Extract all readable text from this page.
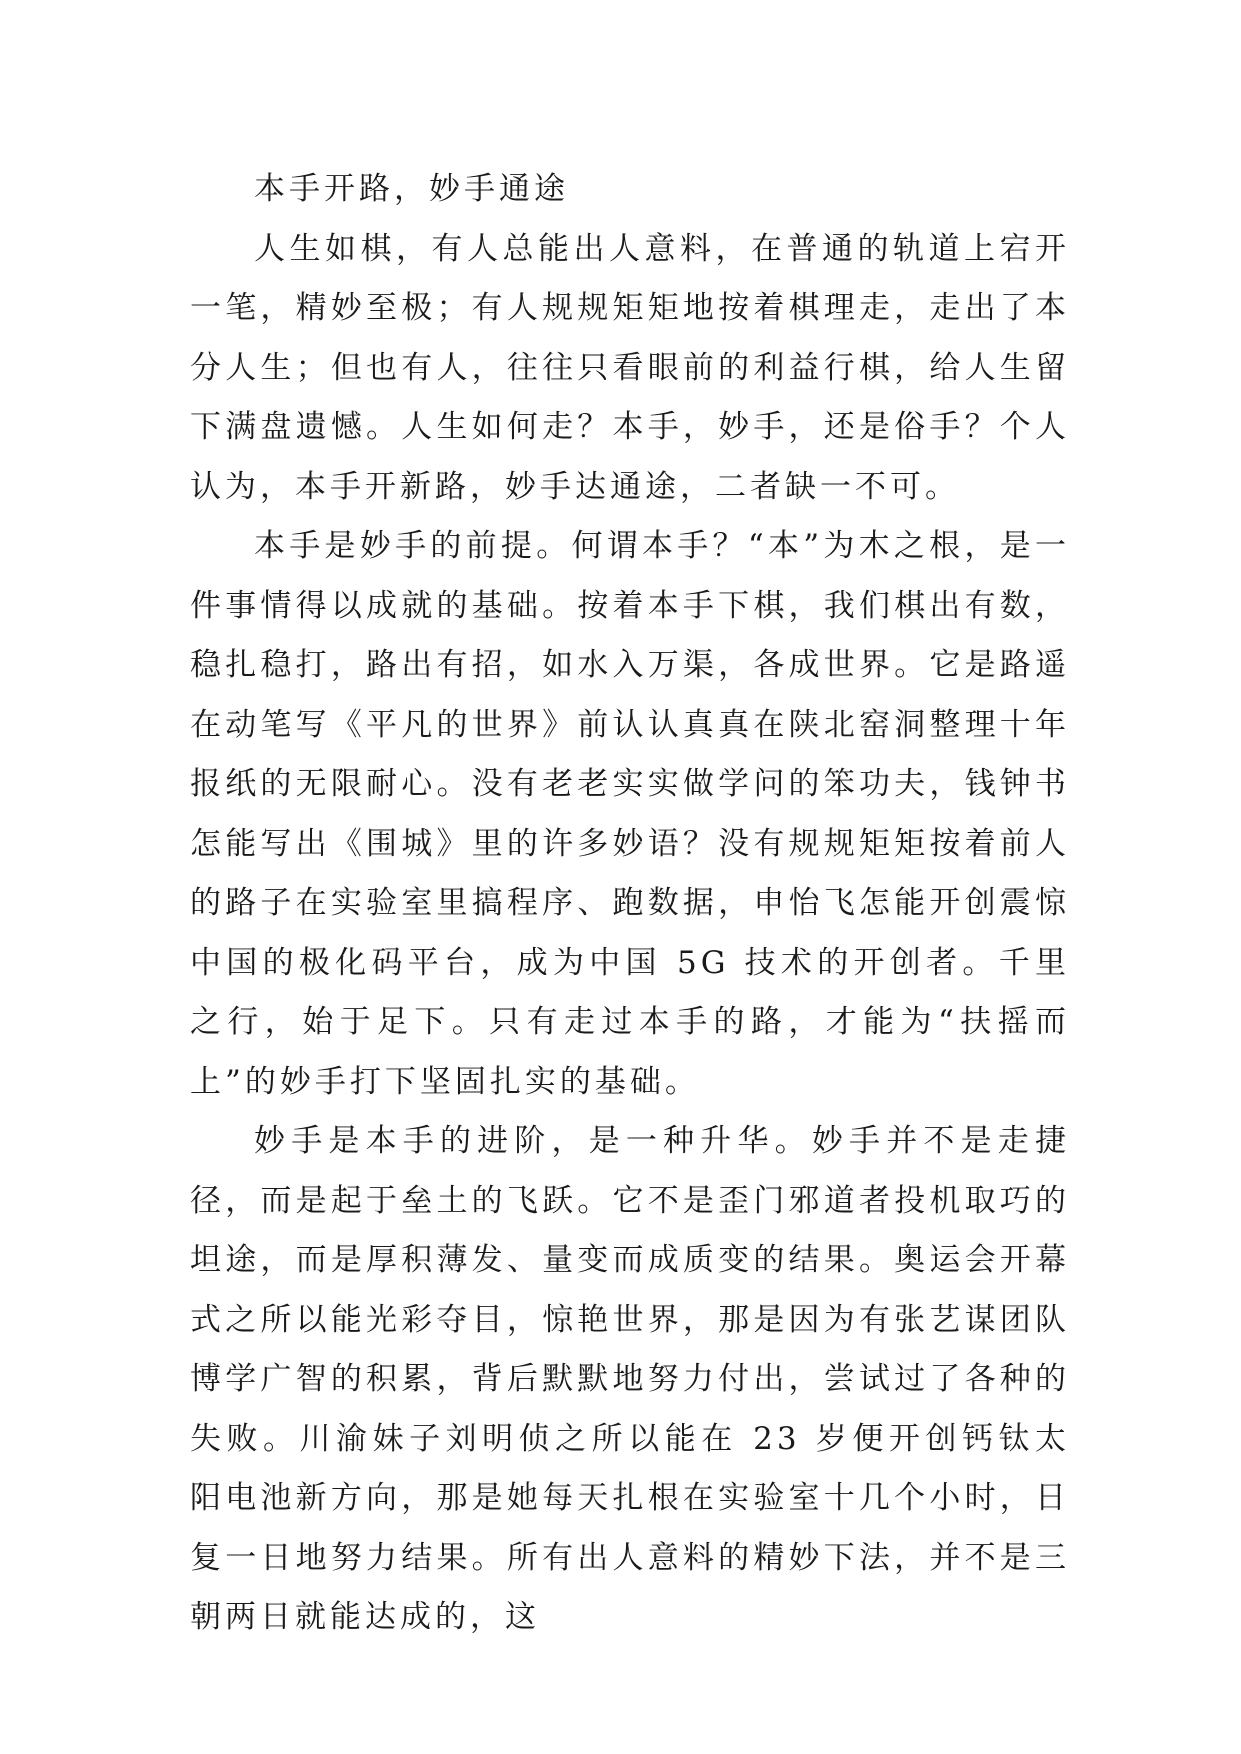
本手开路，妙手通途

人生如棋，有人总能出人意料，在普通的轨道上宕开一笔，精妙至极；有人规规矩矩地按着棋理走，走出了本分人生；但也有人，往往只看眼前的利益行棋，给人生留下满盘遗憾。人生如何走？本手，妙手，还是俗手？个人认为，本手开新路，妙手达通途，二者缺一不可。

本手是妙手的前提。何谓本手？“本”为木之根，是一件事情得以成就的基础。按着本手下棋，我们棋出有数，稳扎稳打，路出有招，如水入万渠，各成世界。它是路遥在动笔写《平凡的世界》前认认真真在陕北窑洞整理十年报纸的无限耐心。没有老老实实做学问的笨功夫，钱钟书怎能写出《围城》里的许多妙语？没有规规矩矩按着前人的路子在实验室里搞程序、跑数据，申怡飞怎能开创震惊中国的极化码平台，成为中国 5G 技术的开创者。千里之行，始于足下。只有走过本手的路，才能为“扶摇而上”的妙手打下坚固扎实的基础。

妙手是本手的进阶，是一种升华。妙手并不是走捷径，而是起于垒土的飞跃。它不是歪门邪道者投机取巧的坦途，而是厚积薄发、量变而成质变的结果。奥运会开幕式之所以能光彩夺目，惊艳世界，那是因为有张艺谋团队博学广智的积累，背后默默地努力付出，尝试过了各种的失败。川渝妹子刘明侦之所以能在 23 岁便开创钙钛太阳电池新方向，那是她每天扎根在实验室十几个小时，日复一日地努力结果。所有出人意料的精妙下法，并不是三朝两日就能达成的，这
